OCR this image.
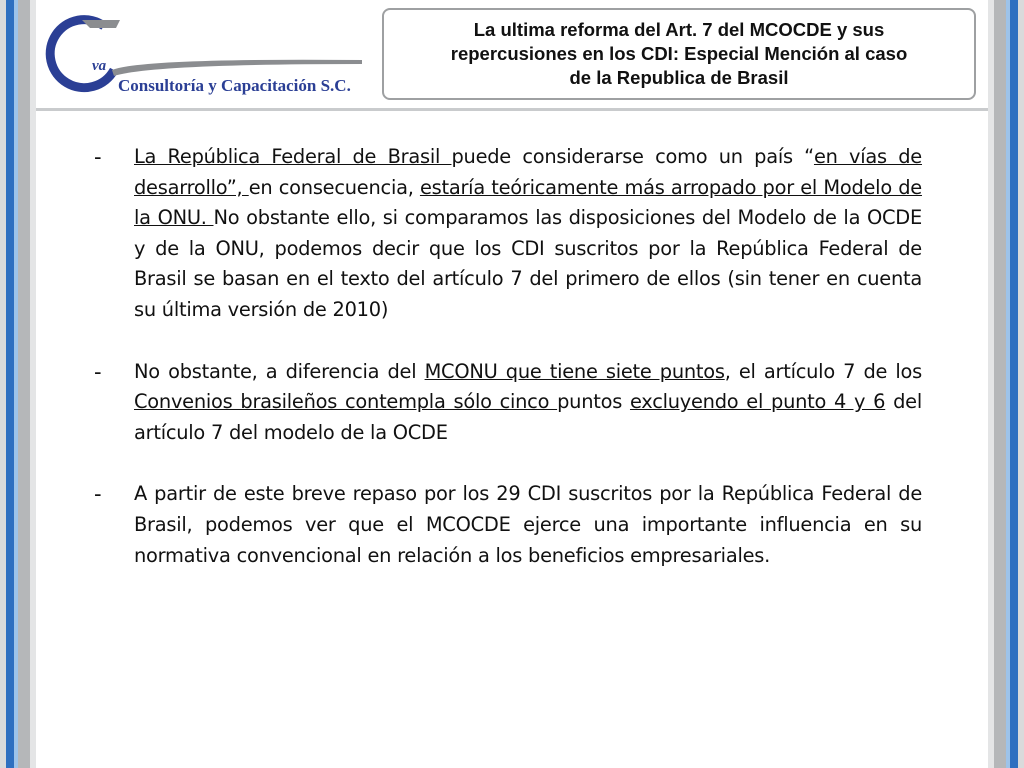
va
Consultoría y Capacitación S.C.
La ultima reforma del Art. 7 del MCOCDE y sus
repercusiones en los CDI: Especial Mención al caso
de la Republica de Brasil
-	La República Federal de Brasil puede considerarse como un país “en vías de desarrollo”, en consecuencia, estaría teóricamente más arropado por el Modelo de la ONU. No obstante ello, si comparamos las disposiciones del Modelo de la OCDE y de la ONU, podemos decir que los CDI suscritos por la República Federal de Brasil se basan en el texto del artículo 7 del primero de ellos (sin tener en cuenta su última versión de 2010)

-	No obstante, a diferencia del MCONU que tiene siete puntos, el artículo 7 de los Convenios brasileños contempla sólo cinco puntos excluyendo el punto 4 y 6 del artículo 7 del modelo de la OCDE

-	A partir de este breve repaso por los 29 CDI suscritos por la República Federal de Brasil, podemos ver que el MCOCDE ejerce una importante influencia en su normativa convencional en relación a los beneficios empresariales.
